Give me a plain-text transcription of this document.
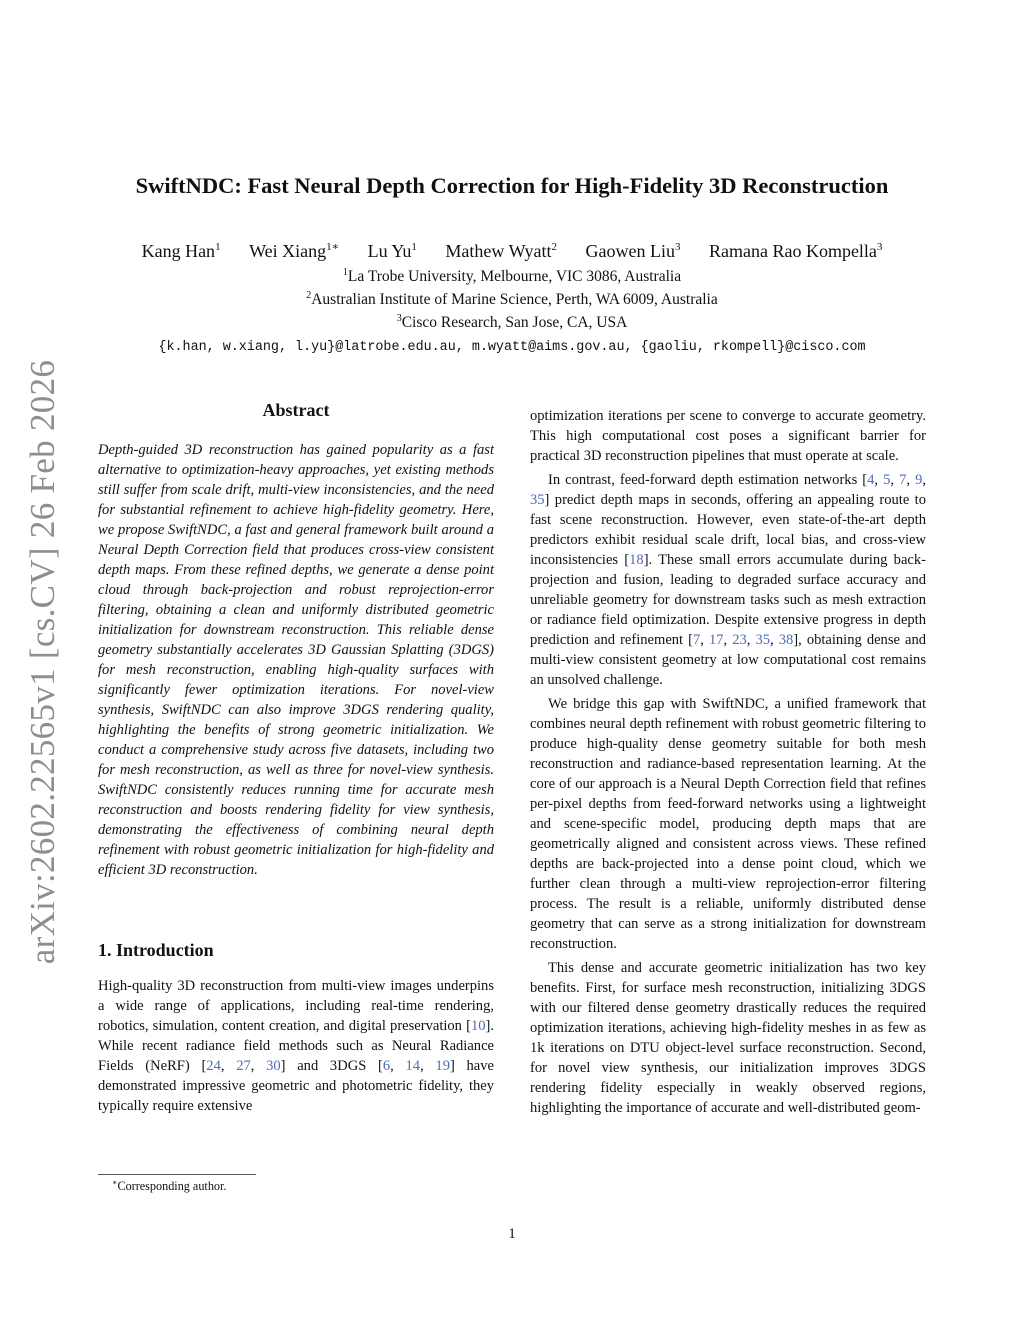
arXiv:2602.22565v1 [cs.CV] 26 Feb 2026
SwiftNDC: Fast Neural Depth Correction for High-Fidelity 3D Reconstruction
Kang Han$^1$ Wei Xiang$^{1∗}$ Lu Yu$^1$ Mathew Wyatt$^2$ Gaowen Liu$^3$ Ramana Rao Kompella$^3$
$^1$La Trobe University, Melbourne, VIC 3086, Australia
$^2$Australian Institute of Marine Science, Perth, WA 6009, Australia
$^3$Cisco Research, San Jose, CA, USA
{k.han, w.xiang, l.yu}@latrobe.edu.au, m.wyatt@aims.gov.au, {gaoliu, rkompell}@cisco.com
Abstract

Depth-guided 3D reconstruction has gained popularity as a fast alternative to optimization-heavy approaches, yet existing methods still suffer from scale drift, multi-view inconsistencies, and the need for substantial refinement to achieve high-fidelity geometry. Here, we propose SwiftNDC, a fast and general framework built around a Neural Depth Correction field that produces cross-view consistent depth maps. From these refined depths, we generate a dense point cloud through back-projection and robust reprojection-error filtering, obtaining a clean and uniformly distributed geometric initialization for downstream reconstruction. This reliable dense geometry substantially accelerates 3D Gaussian Splatting (3DGS) for mesh reconstruction, enabling high-quality surfaces with significantly fewer optimization iterations. For novel-view synthesis, SwiftNDC can also improve 3DGS rendering quality, highlighting the benefits of strong geometric initialization. We conduct a comprehensive study across five datasets, including two for mesh reconstruction, as well as three for novel-view synthesis. SwiftNDC consistently reduces running time for accurate mesh reconstruction and boosts rendering fidelity for view synthesis, demonstrating the effectiveness of combining neural depth refinement with robust geometric initialization for high-fidelity and efficient 3D reconstruction.

1. Introduction

High-quality 3D reconstruction from multi-view images underpins a wide range of applications, including real-time rendering, robotics, simulation, content creation, and digital preservation [10]. While recent radiance field methods such as Neural Radiance Fields (NeRF) [24, 27, 30] and 3DGS [6, 14, 19] have demonstrated impressive geometric and photometric fidelity, they typically require extensive

optimization iterations per scene to converge to accurate geometry. This high computational cost poses a significant barrier for practical 3D reconstruction pipelines that must operate at scale.

In contrast, feed-forward depth estimation networks [4, 5, 7, 9, 35] predict depth maps in seconds, offering an appealing route to fast scene reconstruction. However, even state-of-the-art depth predictors exhibit residual scale drift, local bias, and cross-view inconsistencies [18]. These small errors accumulate during back-projection and fusion, leading to degraded surface accuracy and unreliable geometry for downstream tasks such as mesh extraction or radiance field optimization. Despite extensive progress in depth prediction and refinement [7, 17, 23, 35, 38], obtaining dense and multi-view consistent geometry at low computational cost remains an unsolved challenge.

We bridge this gap with SwiftNDC, a unified framework that combines neural depth refinement with robust geometric filtering to produce high-quality dense geometry suitable for both mesh reconstruction and radiance-based representation learning. At the core of our approach is a Neural Depth Correction field that refines per-pixel depths from feed-forward networks using a lightweight and scene-specific model, producing depth maps that are geometrically aligned and consistent across views. These refined depths are back-projected into a dense point cloud, which we further clean through a multi-view reprojection-error filtering process. The result is a reliable, uniformly distributed dense geometry that can serve as a strong initialization for downstream reconstruction.

This dense and accurate geometric initialization has two key benefits. First, for surface mesh reconstruction, initializing 3DGS with our filtered dense geometry drastically reduces the required optimization iterations, achieving high-fidelity meshes in as few as 1k iterations on DTU object-level surface reconstruction. Second, for novel view synthesis, our initialization improves 3DGS rendering fidelity especially in weakly observed regions, highlighting the importance of accurate and well-distributed geom-

∗Corresponding author.
1
